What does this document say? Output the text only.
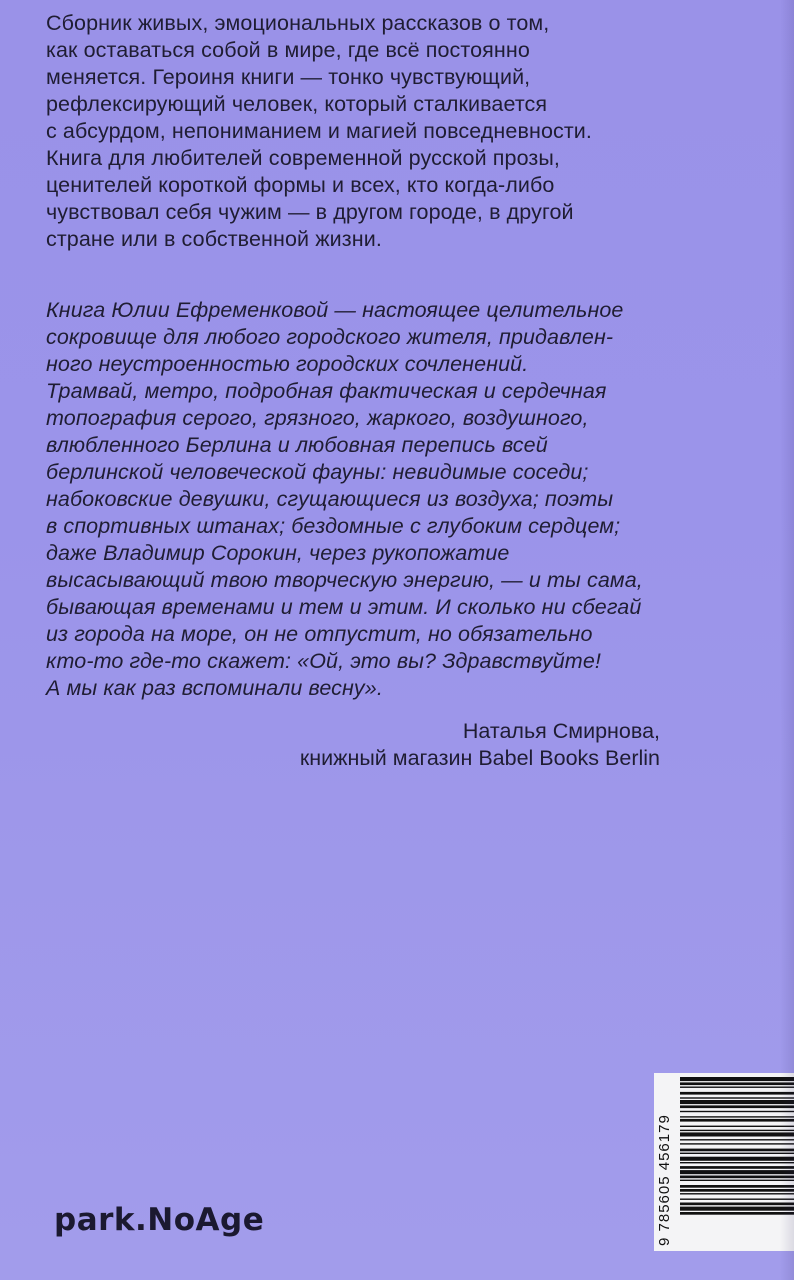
Сборник живых, эмоциональных рассказов о том,
как оставаться собой в мире, где всё постоянно
меняется. Героиня книги — тонко чувствующий,
рефлексирующий человек, который сталкивается
с абсурдом, непониманием и магией повседневности.
Книга для любителей современной русской прозы,
ценителей короткой формы и всех, кто когда-либо
чувствовал себя чужим — в другом городе, в другой
стране или в собственной жизни.
Книга Юлии Ефременковой — настоящее целительное
сокровище для любого городского жителя, придавлен-
ного неустроенностью городских сочленений.
Трамвай, метро, подробная фактическая и сердечная
топография серого, грязного, жаркого, воздушного,
влюбленного Берлина и любовная перепись всей
берлинской человеческой фауны: невидимые соседи;
набоковские девушки, сгущающиеся из воздуха; поэты
в спортивных штанах; бездомные с глубоким сердцем;
даже Владимир Сорокин, через рукопожатие
высасывающий твою творческую энергию, — и ты сама,
бывающая временами и тем и этим. И сколько ни сбегай
из города на море, он не отпустит, но обязательно
кто-то где-то скажет: «Ой, это вы? Здравствуйте!
А мы как раз вспоминали весну».
Наталья Смирнова,
книжный магазин Babel Books Berlin
park.NoAge	9 785605 456179
